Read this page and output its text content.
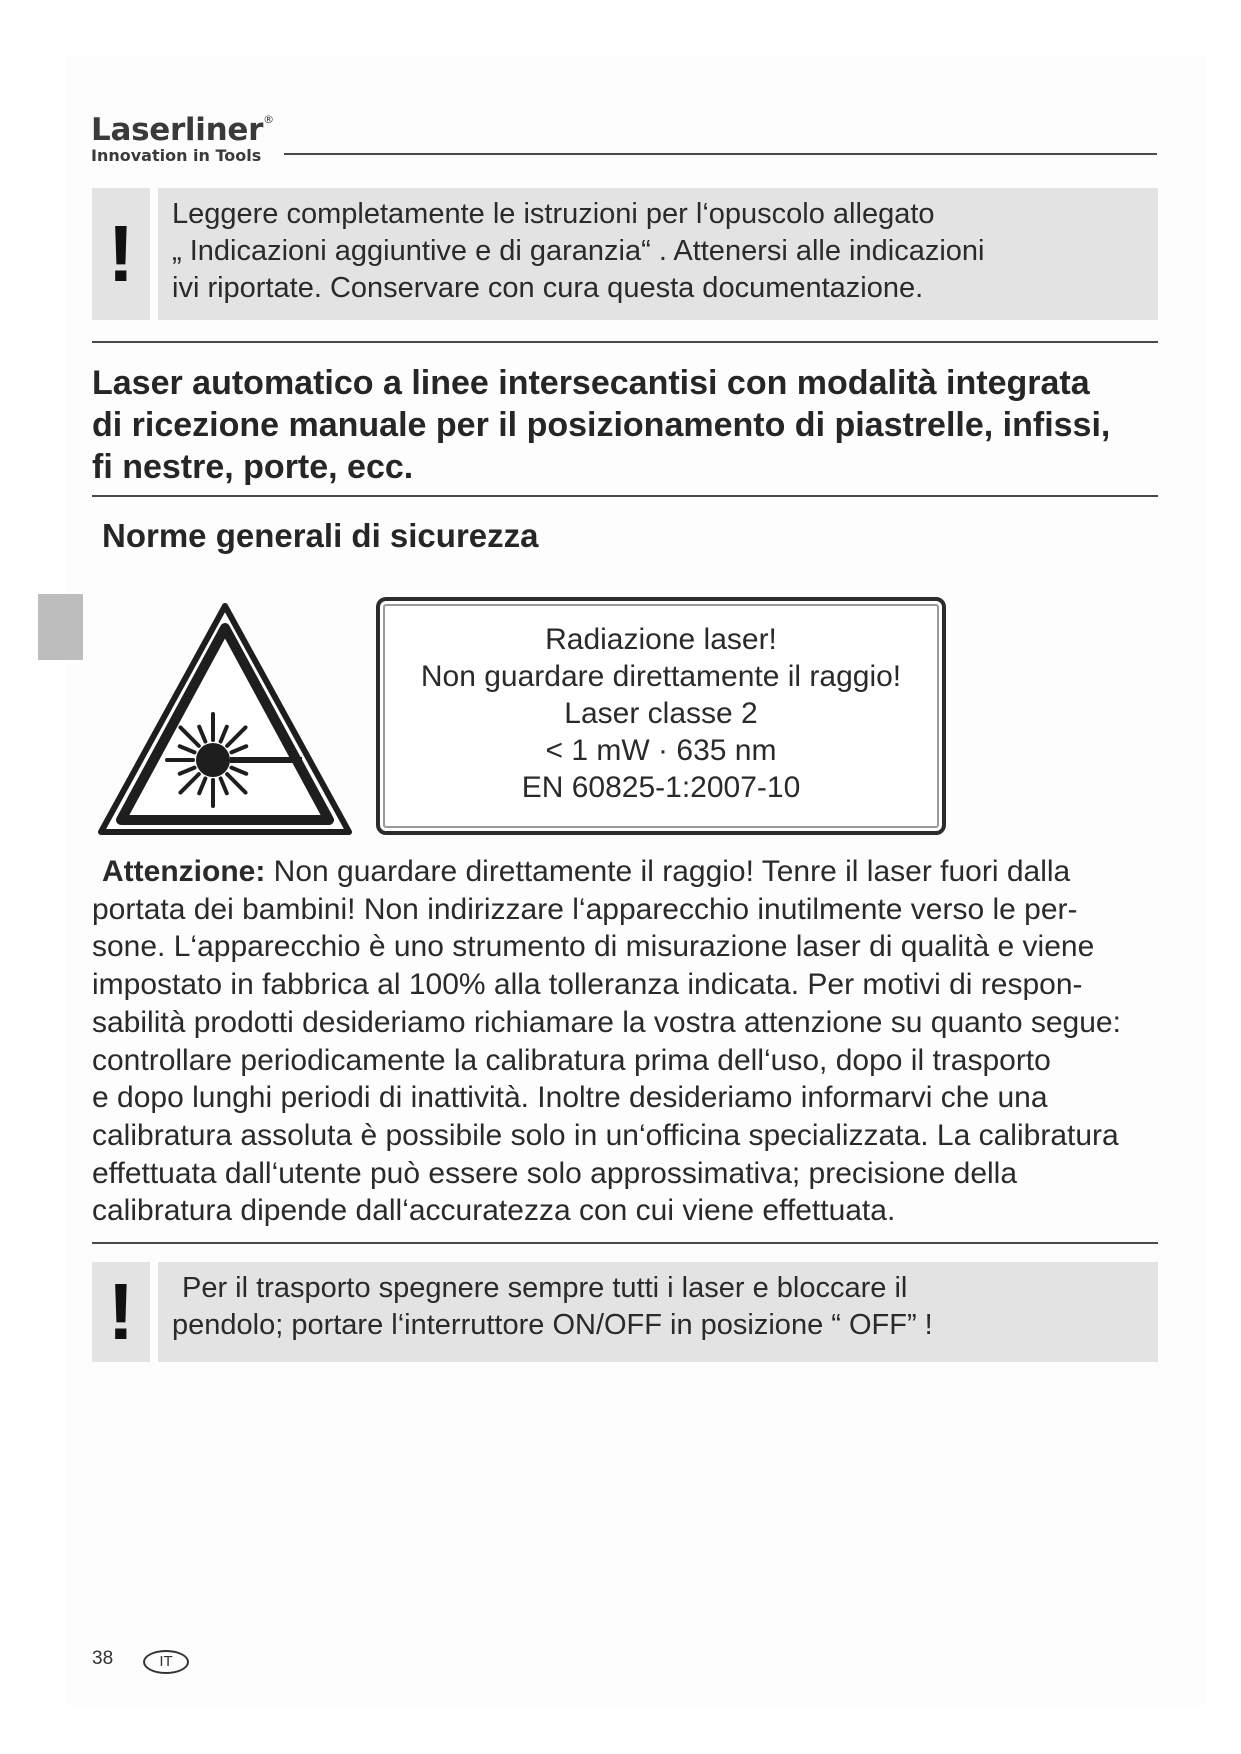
Laserliner®
Innovation in Tools
! Leggere completamente le istruzioni per l‘opuscolo allegato
„ Indicazioni aggiuntive e di garanzia“ . Attenersi alle indicazioni
ivi riportate. Conservare con cura questa documentazione.
Laser automatico a linee intersecantisi con modalità integrata
di ricezione manuale per il posizionamento di piastrelle, infissi,
fi nestre, porte, ecc.
Norme generali di sicurezza
Radiazione laser!
Non guardare direttamente il raggio!
Laser classe 2
< 1 mW · 635 nm
EN 60825-1:2007-10
Attenzione: Non guardare direttamente il raggio! Tenre il laser fuori dalla
portata dei bambini! Non indirizzare l‘apparecchio inutilmente verso le per-
sone. L‘apparecchio è uno strumento di misurazione laser di qualità e viene
impostato in fabbrica al 100% alla tolleranza indicata. Per motivi di respon-
sabilità prodotti desideriamo richiamare la vostra attenzione su quanto segue:
controllare periodicamente la calibratura prima dell‘uso, dopo il trasporto
e dopo lunghi periodi di inattività. Inoltre desideriamo informarvi che una
calibratura assoluta è possibile solo in un‘officina specializzata. La calibratura
effettuata dall‘utente può essere solo approssimativa; precisione della
calibratura dipende dall‘accuratezza con cui viene effettuata.
!	Per il trasporto spegnere sempre tutti i laser e bloccare il
pendolo; portare l‘interruttore ON/OFF in posizione “ OFF” !
38	IT
